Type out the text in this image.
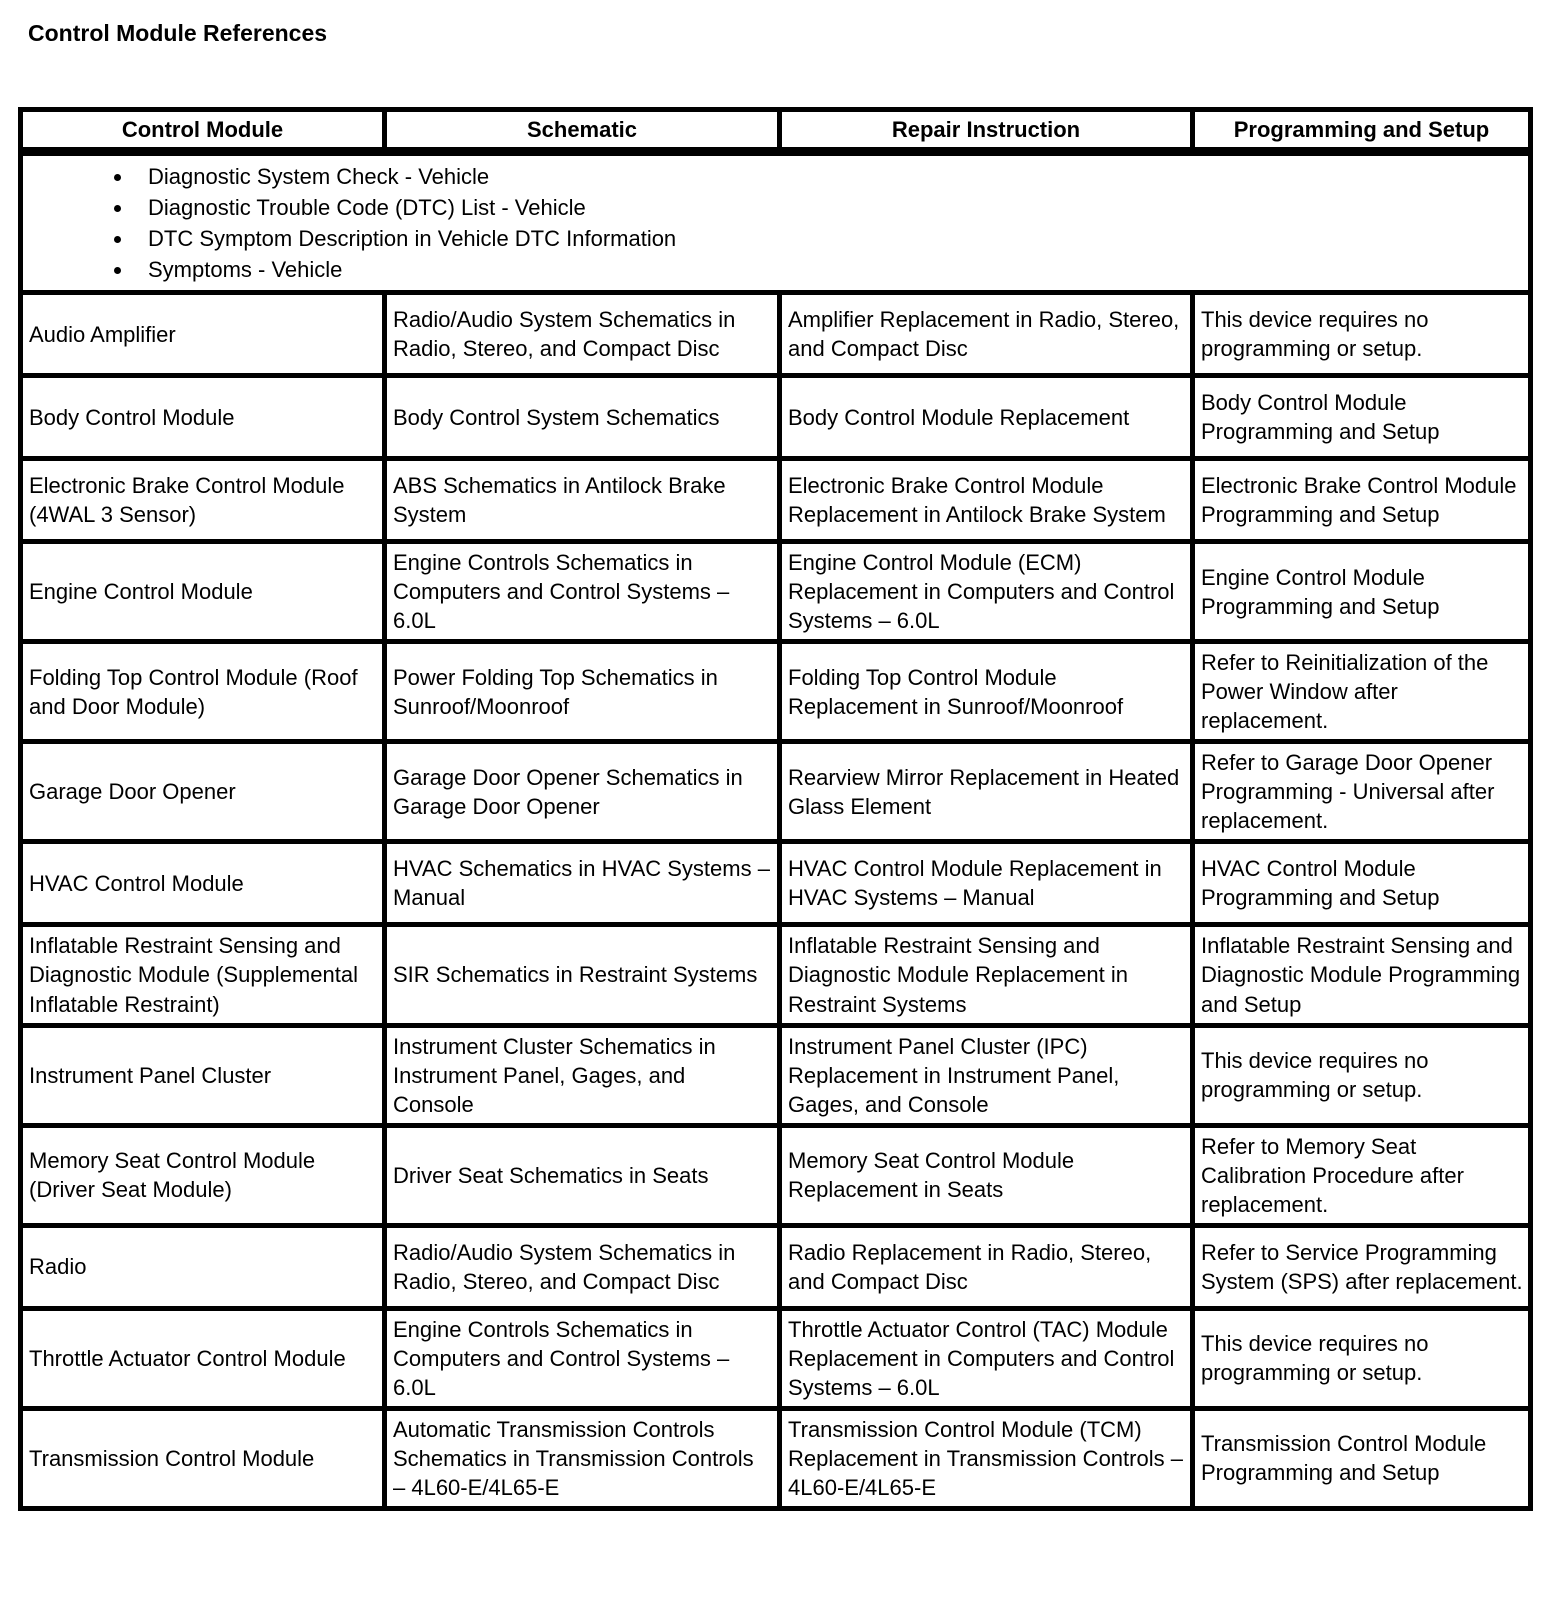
Control Module References
Control Module	Schematic	Repair Instruction	Programming and Setup

• Diagnostic System Check - Vehicle
• Diagnostic Trouble Code (DTC) List - Vehicle
• DTC Symptom Description in Vehicle DTC Information
• Symptoms - Vehicle

Audio Amplifier	Radio/Audio System Schematics in Radio, Stereo, and Compact Disc	Amplifier Replacement in Radio, Stereo, and Compact Disc	This device requires no programming or setup.
Body Control Module	Body Control System Schematics	Body Control Module Replacement	Body Control Module Programming and Setup
Electronic Brake Control Module (4WAL 3 Sensor)	ABS Schematics in Antilock Brake System	Electronic Brake Control Module Replacement in Antilock Brake System	Electronic Brake Control Module Programming and Setup
Engine Control Module	Engine Controls Schematics in Computers and Control Systems – 6.0L	Engine Control Module (ECM) Replacement in Computers and Control Systems – 6.0L	Engine Control Module Programming and Setup
Folding Top Control Module (Roof and Door Module)	Power Folding Top Schematics in Sunroof/Moonroof	Folding Top Control Module Replacement in Sunroof/Moonroof	Refer to Reinitialization of the Power Window after replacement.
Garage Door Opener	Garage Door Opener Schematics in Garage Door Opener	Rearview Mirror Replacement in Heated Glass Element	Refer to Garage Door Opener Programming - Universal after replacement.
HVAC Control Module	HVAC Schematics in HVAC Systems – Manual	HVAC Control Module Replacement in HVAC Systems – Manual	HVAC Control Module Programming and Setup
Inflatable Restraint Sensing and Diagnostic Module (Supplemental Inflatable Restraint)	SIR Schematics in Restraint Systems	Inflatable Restraint Sensing and Diagnostic Module Replacement in Restraint Systems	Inflatable Restraint Sensing and Diagnostic Module Programming and Setup
Instrument Panel Cluster	Instrument Cluster Schematics in Instrument Panel, Gages, and Console	Instrument Panel Cluster (IPC) Replacement in Instrument Panel, Gages, and Console	This device requires no programming or setup.
Memory Seat Control Module (Driver Seat Module)	Driver Seat Schematics in Seats	Memory Seat Control Module Replacement in Seats	Refer to Memory Seat Calibration Procedure after replacement.
Radio	Radio/Audio System Schematics in Radio, Stereo, and Compact Disc	Radio Replacement in Radio, Stereo, and Compact Disc	Refer to Service Programming System (SPS) after replacement.
Throttle Actuator Control Module	Engine Controls Schematics in Computers and Control Systems – 6.0L	Throttle Actuator Control (TAC) Module Replacement in Computers and Control Systems – 6.0L	This device requires no programming or setup.
Transmission Control Module	Automatic Transmission Controls Schematics in Transmission Controls – 4L60-E/4L65-E	Transmission Control Module (TCM) Replacement in Transmission Controls – 4L60-E/4L65-E	Transmission Control Module Programming and Setup
